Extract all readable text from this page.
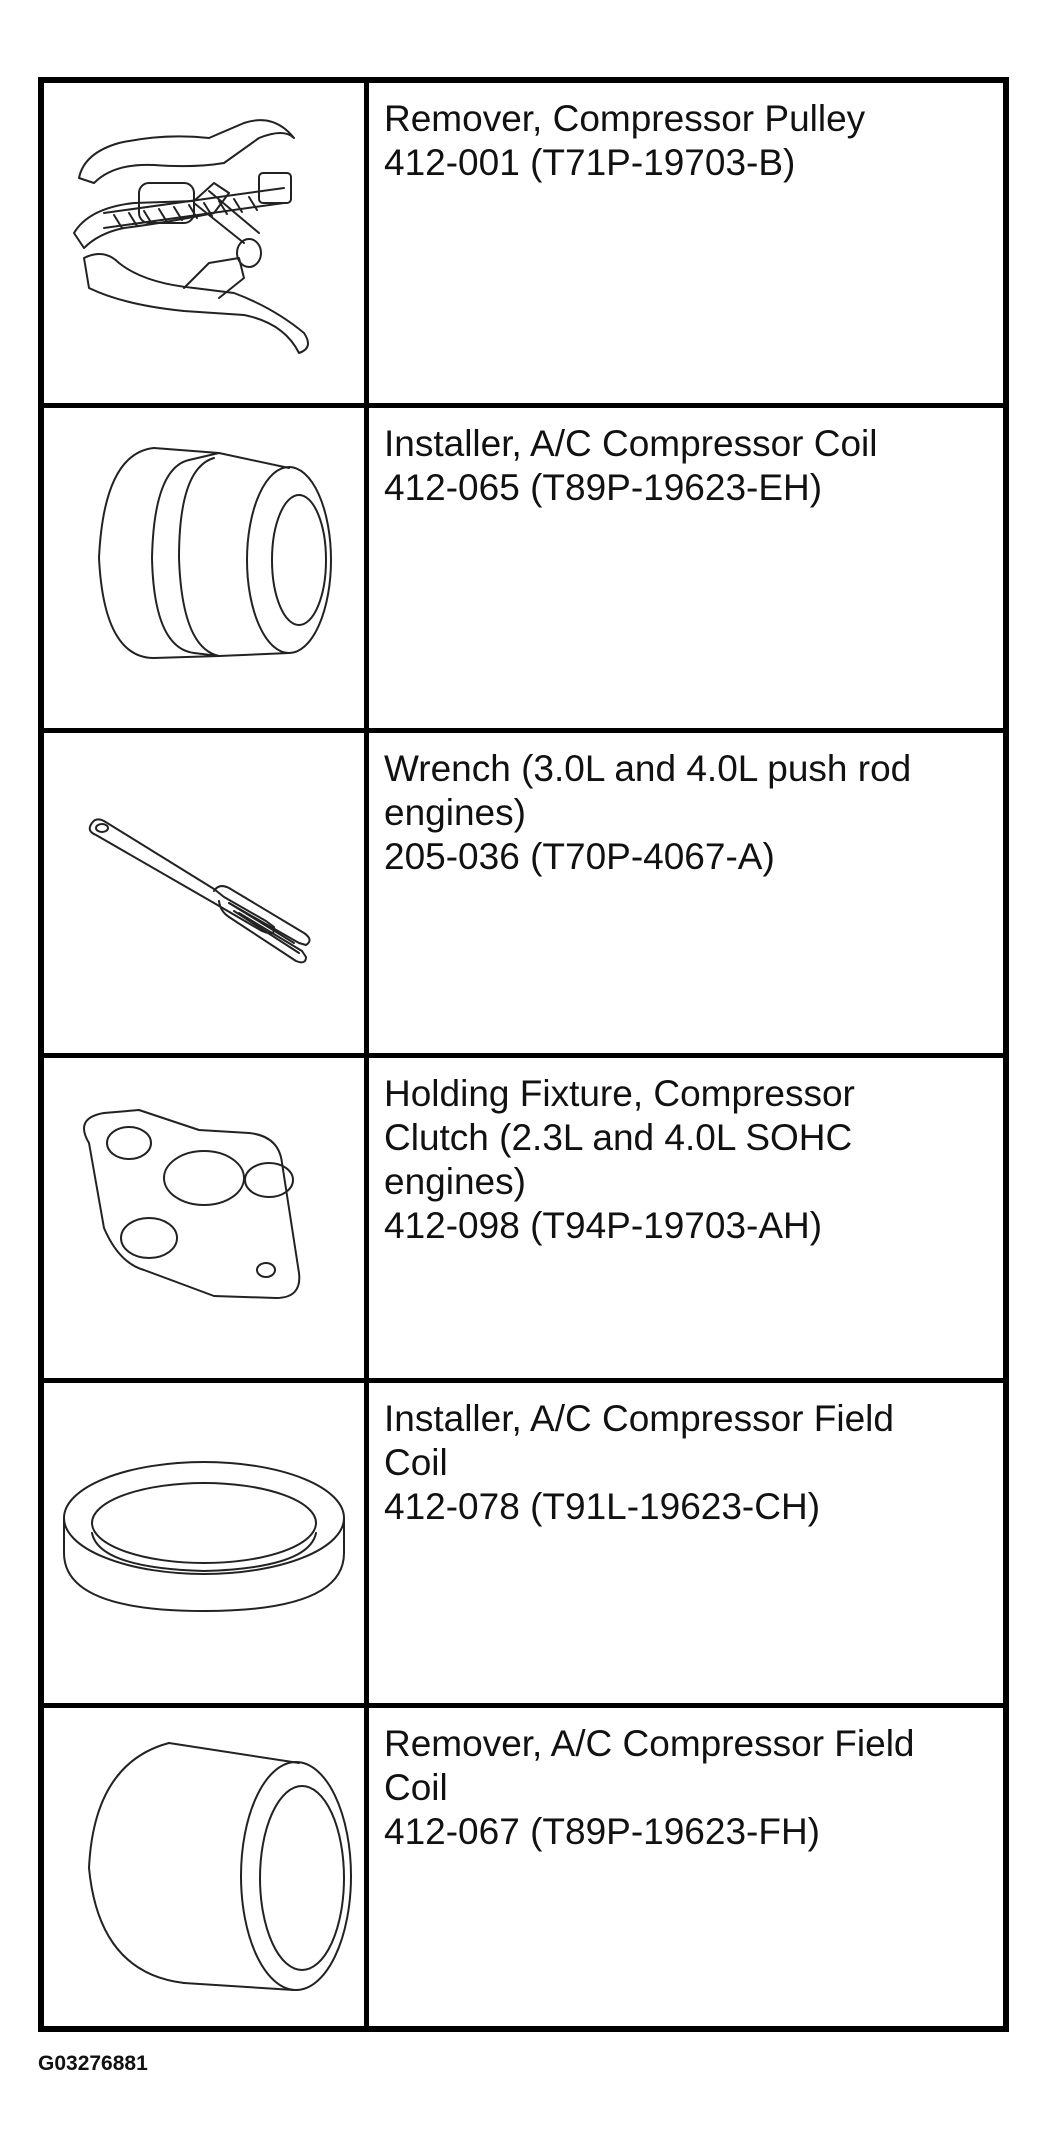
Remover, Compressor Pulley
412-001 (T71P-19703-B)
Installer, A/C Compressor Coil
412-065 (T89P-19623-EH)
Wrench (3.0L and 4.0L push rod
engines)
205-036 (T70P-4067-A)
Holding Fixture, Compressor
Clutch (2.3L and 4.0L SOHC
engines)
412-098 (T94P-19703-AH)
Installer, A/C Compressor Field
Coil
412-078 (T91L-19623-CH)
Remover, A/C Compressor Field
Coil
412-067 (T89P-19623-FH)
G03276881
